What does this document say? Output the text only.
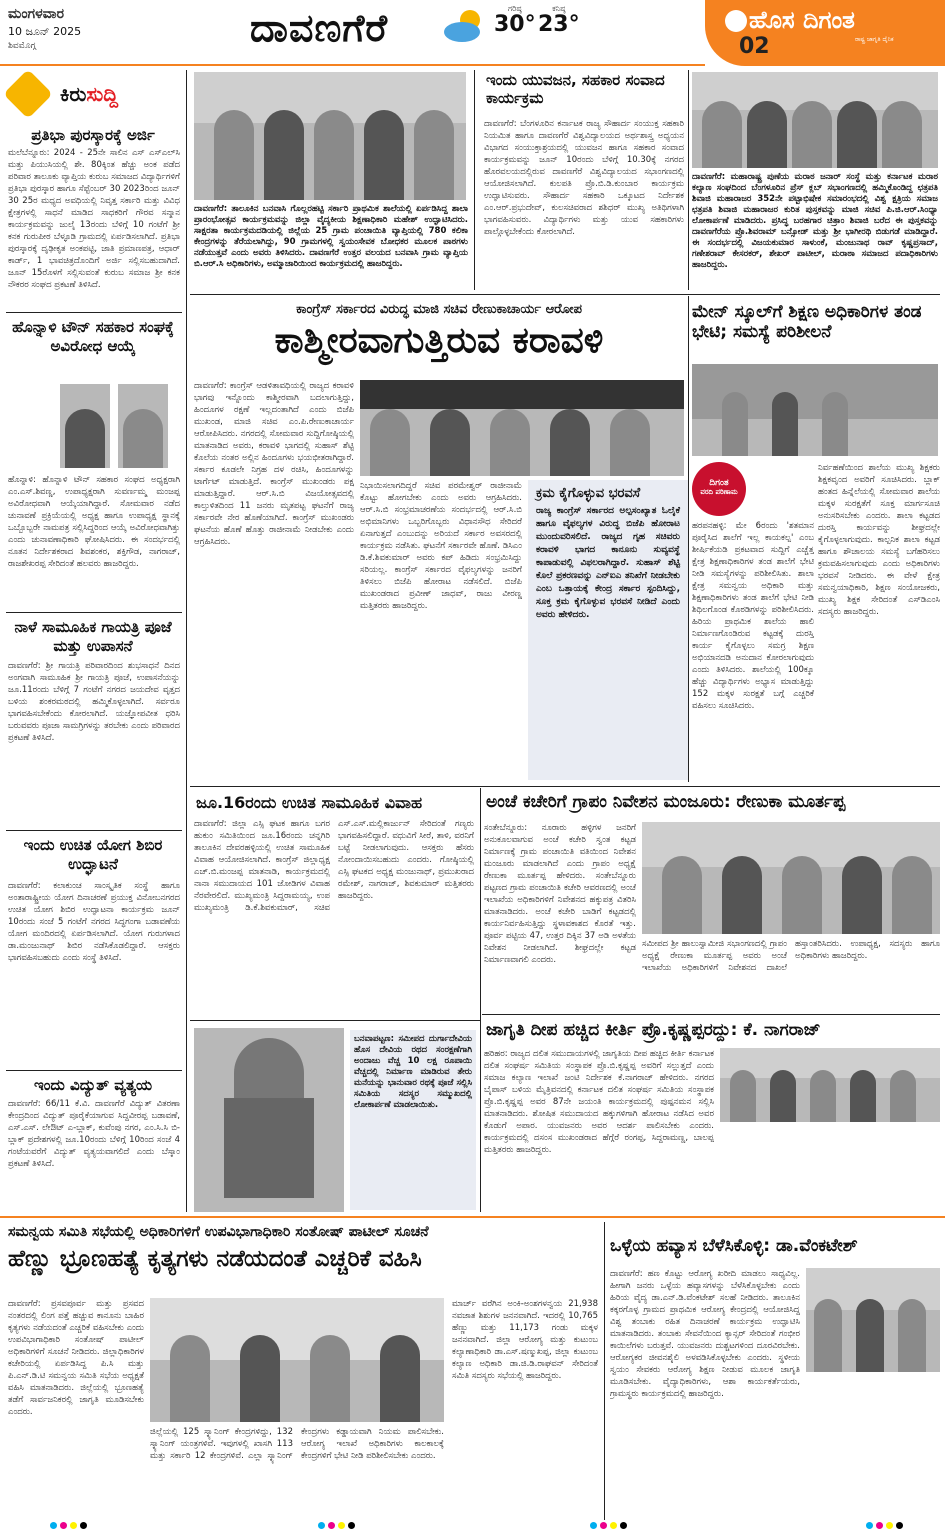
ಮಂಗಳವಾರ
10 ಜೂನ್ 2025
ಶಿವಮೊಗ್ಗ	ದಾವಣಗೆರೆ	ಗರಿಷ್ಠ
30°
ಕನಿಷ್ಠ
23°	ಹೊಸ ದಿಗಂತ
ರಾಷ್ಟ್ರ ಜಾಗೃತಿ ದೈನಿಕ
02
ಕಿರುಸುದ್ದಿ
ಪ್ರತಿಭಾ ಪುರಸ್ಕಾರಕ್ಕೆ ಅರ್ಜಿ
ಮಲೆಬೆನ್ನೂರು: 2024 - 25ನೇ ಸಾಲಿನ ಎಸ್ ಎಸ್ಎಲ್‌ಸಿ ಮತ್ತು ಪಿಯುಸಿಯಲ್ಲಿ ಶೇ. 80ಕ್ಕಿಂತ ಹೆಚ್ಚು ಅಂಕ ಪಡೆದ ಪರಿವಾರ ತಾಲೂಕು ವ್ಯಾಪ್ತಿಯ ಕುರುಬ ಸಮಾಜದ ವಿದ್ಯಾರ್ಥಿಗಳಿಗೆ ಪ್ರತಿಭಾ ಪುರಸ್ಕಾರ ಹಾಗೂ ಸೆಪ್ಟೆಂಬರ್ 30 2023ರಿಂದ ಜೂನ್ 30 25ರ ಮಧ್ಯದ ಅವಧಿಯಲ್ಲಿ ನಿವೃತ್ತ ಸರ್ಕಾರಿ ಮತ್ತು ವಿವಿಧ ಕ್ಷೇತ್ರಗಳಲ್ಲಿ ಸಾಧನೆ ಮಾಡಿದ ಸಾಧಕರಿಗೆ ಗೌರವ ಸನ್ಮಾನ ಕಾರ್ಯಕ್ರಮವನ್ನು ಜುಲೈ 13ರಂದು ಬೆಳಿಗ್ಗೆ 10 ಗಂಟೆಗೆ ಶ್ರೀ ಕನಕ ಗುರುಪೀಠ ಬೆಳ್ಳೂಡಿ ಗ್ರಾಮದಲ್ಲಿ ಏರ್ಪಡಿಸಲಾಗಿದೆ. ಪ್ರತಿಭಾ ಪುರಸ್ಕಾರಕ್ಕೆ ದೃಢೀಕೃತ ಅಂಕಪಟ್ಟಿ, ಜಾತಿ ಪ್ರಮಾಣಪತ್ರ, ಆಧಾರ್ ಕಾರ್ಡ್, 1 ಭಾವಚಿತ್ರದೊಂದಿಗೆ ಅರ್ಜಿ ಸಲ್ಲಿಸಬಹುದಾಗಿದೆ. ಜೂನ್ 15ರೊಳಗೆ ಸಲ್ಲಿಸುವಂತೆ ಕುರುಬ ಸಮಾಜ ಶ್ರೀ ಕನಕ ನೌಕರರ ಸಂಘದ ಪ್ರಕಟಣೆ ತಿಳಿಸಿದೆ.
ಹೊನ್ನಾಳಿ ಟೌನ್ ಸಹಕಾರ ಸಂಘಕ್ಕೆ ಅವಿರೋಧ ಆಯ್ಕೆ
ಹೊನ್ನಾಳಿ: ಹೊನ್ನಾಳಿ ಟೌನ್ ಸಹಕಾರ ಸಂಘದ ಅಧ್ಯಕ್ಷರಾಗಿ ಎಂ.ಎಸ್.ಶಿವಣ್ಣ, ಉಪಾಧ್ಯಕ್ಷರಾಗಿ ಸುವರ್ಣಮ್ಮ ಮಂಜಪ್ಪ ಅವಿರೋಧವಾಗಿ ಆಯ್ಕೆಯಾಗಿದ್ದಾರೆ. ಸೋಮವಾರ ನಡೆದ ಚುನಾವಣೆ ಪ್ರಕ್ರಿಯೆಯಲ್ಲಿ ಅಧ್ಯಕ್ಷ ಹಾಗೂ ಉಪಾಧ್ಯಕ್ಷ ಸ್ಥಾನಕ್ಕೆ ಒಬ್ಬೊಬ್ಬರೇ ನಾಮಪತ್ರ ಸಲ್ಲಿಸಿದ್ದರಿಂದ ಆಯ್ಕೆ ಅವಿರೋಧವಾಗಿತ್ತು ಎಂದು ಚುನಾವಣಾಧಿಕಾರಿ ಘೋಷಿಸಿದರು. ಈ ಸಂದರ್ಭದಲ್ಲಿ ನೂತನ ನಿರ್ದೇಶಕರಾದ ಶಿವಶಂಕರ, ಶಕ್ತಿಗೌಡ, ನಾಗರಾಜ್, ರಾಜಶೇಖರಪ್ಪ ಸೇರಿದಂತೆ ಹಲವರು ಹಾಜರಿದ್ದರು.
ನಾಳೆ ಸಾಮೂಹಿಕ ಗಾಯತ್ರಿ ಪೂಜೆ ಮತ್ತು ಉಪಾಸನೆ
ದಾವಣಗೆರೆ: ಶ್ರೀ ಗಾಯತ್ರಿ ಪರಿವಾರದಿಂದ ಶುಭಸಾಧನೆ ದಿನದ ಅಂಗವಾಗಿ ಸಾಮೂಹಿಕ ಶ್ರೀ ಗಾಯತ್ರಿ ಪೂಜೆ, ಉಪಾಸನೆಯನ್ನು ಜೂ.11ರಂದು ಬೆಳಿಗ್ಗೆ 7 ಗಂಟೆಗೆ ನಗರದ ಜಯದೇವ ವೃತ್ತದ ಬಳಿಯ ಶಂಕರಮಠದಲ್ಲಿ ಹಮ್ಮಿಕೊಳ್ಳಲಾಗಿದೆ. ಸರ್ವರೂ ಭಾಗವಹಿಸಬೇಕೆಂದು ಕೋರಲಾಗಿದೆ. ಯಜ್ಞೋಪವೀತ ಧರಿಸಿ ಬರುವವರು ಪೂಜಾ ಸಾಮಗ್ರಿಗಳನ್ನು ತರಬೇಕು ಎಂದು ಪರಿವಾರದ ಪ್ರಕಟಣೆ ತಿಳಿಸಿದೆ.
ಇಂದು ಉಚಿತ ಯೋಗ ಶಿಬಿರ ಉದ್ಘಾಟನೆ
ದಾವಣಗೆರೆ: ಕಲಾಕುಂಚ ಸಾಂಸ್ಕೃತಿಕ ಸಂಸ್ಥೆ ಹಾಗೂ ಅಂತಾರಾಷ್ಟ್ರೀಯ ಯೋಗ ದಿನಾಚರಣೆ ಪ್ರಯುಕ್ತ ವಿನೋಬನಗರದ ಉಚಿತ ಯೋಗ ಶಿಬಿರ ಉದ್ಘಾಟನಾ ಕಾರ್ಯಕ್ರಮ ಜೂನ್ 10ರಂದು ಸಂಜೆ 5 ಗಂಟೆಗೆ ನಗರದ ಸಿದ್ಧಗಂಗಾ ಬಡಾವಣೆಯ ಯೋಗ ಮಂದಿರದಲ್ಲಿ ಏರ್ಪಡಿಸಲಾಗಿದೆ. ಯೋಗ ಗುರುಗಳಾದ ಡಾ.ಮಂಜುನಾಥ್ ಶಿಬಿರ ನಡೆಸಿಕೊಡಲಿದ್ದಾರೆ. ಆಸಕ್ತರು ಭಾಗವಹಿಸಬಹುದು ಎಂದು ಸಂಸ್ಥೆ ತಿಳಿಸಿದೆ.
ಇಂದು ವಿದ್ಯುತ್ ವ್ಯತ್ಯಯ
ದಾವಣಗೆರೆ: 66/11 ಕೆ.ವಿ. ದಾವಣಗೆರೆ ವಿದ್ಯುತ್ ವಿತರಣಾ ಕೇಂದ್ರದಿಂದ ವಿದ್ಯುತ್ ಪೂರೈಕೆಯಾಗುವ ಸಿದ್ದವೀರಪ್ಪ ಬಡಾವಣೆ, ಎಸ್.ಎಸ್. ಲೇಔಟ್ ಎ-ಬ್ಲಾಕ್, ಕುವೆಂಪು ನಗರ, ಎಂ.ಸಿ.ಸಿ ಬಿ-ಬ್ಲಾಕ್ ಪ್ರದೇಶಗಳಲ್ಲಿ ಜೂ.10ರಂದು ಬೆಳಿಗ್ಗೆ 10ರಿಂದ ಸಂಜೆ 4 ಗಂಟೆಯವರೆಗೆ ವಿದ್ಯುತ್ ವ್ಯತ್ಯಯವಾಗಲಿದೆ ಎಂದು ಬೆಸ್ಕಾಂ ಪ್ರಕಟಣೆ ತಿಳಿಸಿದೆ.
ದಾವಣಗೆರೆ: ತಾಲೂಕಿನ ಬನವಾಸಿ ಗೊಲ್ಲರಹಟ್ಟಿ ಸರ್ಕಾರಿ ಪ್ರಾಥಮಿಕ ಶಾಲೆಯಲ್ಲಿ ಏರ್ಪಡಿಸಿದ್ದ ಶಾಲಾ ಪ್ರಾರಂಭೋತ್ಸವ ಕಾರ್ಯಕ್ರಮವನ್ನು ಜಿಲ್ಲಾ ವೈದ್ಯಕೀಯ ಶಿಕ್ಷಣಾಧಿಕಾರಿ ಮಹೇಶ್ ಉದ್ಘಾಟಿಸಿದರು. ಸಾಕ್ಷರತಾ ಕಾರ್ಯಕ್ರಮದಡಿಯಲ್ಲಿ ಜಿಲ್ಲೆಯ 25 ಗ್ರಾಮ ಪಂಚಾಯಿತಿ ವ್ಯಾಪ್ತಿಯಲ್ಲಿ 780 ಕಲಿಕಾ ಕೇಂದ್ರಗಳನ್ನು ತೆರೆಯಲಾಗಿದ್ದು, 90 ಗ್ರಾಮಗಳಲ್ಲಿ ಸ್ವಯಂಸೇವಕ ಬೋಧಕರ ಮೂಲಕ ಪಾಠಗಳು ನಡೆಯುತ್ತವೆ ಎಂದು ಅವರು ತಿಳಿಸಿದರು. ದಾವಣಗೆರೆ ಉತ್ತರ ವಲಯದ ಬನವಾಸಿ ಗ್ರಾಮ ವ್ಯಾಪ್ತಿಯ ಬಿ.ಆರ್.ಸಿ ಅಧಿಕಾರಿಗಳು, ಅಮ್ಮಾಜಾರಿಯಿಂದ ಕಾರ್ಯಕ್ರಮದಲ್ಲಿ ಹಾಜರಿದ್ದರು.
ಇಂದು ಯುವಜನ, ಸಹಕಾರ ಸಂವಾದ ಕಾರ್ಯಕ್ರಮ
ದಾವಣಗೆರೆ: ಬೆಂಗಳೂರಿನ ಕರ್ನಾಟಕ ರಾಜ್ಯ ಸೌಹಾರ್ದ ಸಂಯುಕ್ತ ಸಹಕಾರಿ ನಿಯಮಿತ ಹಾಗೂ ದಾವಣಗೆರೆ ವಿಶ್ವವಿದ್ಯಾಲಯದ ಅರ್ಥಶಾಸ್ತ್ರ ಅಧ್ಯಯನ ವಿಭಾಗದ ಸಂಯುಕ್ತಾಶ್ರಯದಲ್ಲಿ ಯುವಜನ ಹಾಗೂ ಸಹಕಾರ ಸಂವಾದ ಕಾರ್ಯಕ್ರಮವನ್ನು ಜೂನ್ 10ರಂದು ಬೆಳಿಗ್ಗೆ 10.30ಕ್ಕೆ ನಗರದ ಹೊರವಲಯದಲ್ಲಿರುವ ದಾವಣಗೆರೆ ವಿಶ್ವವಿದ್ಯಾಲಯದ ಸಭಾಂಗಣದಲ್ಲಿ ಆಯೋಜಿಸಲಾಗಿದೆ. ಕುಲಪತಿ ಪ್ರೊ.ಬಿ.ಡಿ.ಕುಂಬಾರ ಕಾರ್ಯಕ್ರಮ ಉದ್ಘಾಟಿಸುವರು. ಸೌಹಾರ್ದ ಸಹಕಾರಿ ಒಕ್ಕೂಟದ ನಿರ್ದೇಶಕ ಎಂ.ಆರ್.ಪ್ರಭುದೇವ್, ಕುಲಸಚಿವರಾದ ಶಶಿಧರ್ ಮುಖ್ಯ ಅತಿಥಿಗಳಾಗಿ ಭಾಗವಹಿಸುವರು. ವಿದ್ಯಾರ್ಥಿಗಳು ಮತ್ತು ಯುವ ಸಹಕಾರಿಗಳು ಪಾಲ್ಗೊಳ್ಳಬೇಕೆಂದು ಕೋರಲಾಗಿದೆ.
ದಾವಣಗೆರೆ: ಮಹಾರಾಷ್ಟ್ರ ಪುಣೆಯ ಮರಾಠ ಜನಾರ್ ಸಂಸ್ಥೆ ಮತ್ತು ಕರ್ನಾಟಕ ಮರಾಠ ಕಲ್ಯಾಣ ಸಂಘದಿಂದ ಬೆಂಗಳೂರಿನ ಪ್ರೆಸ್ ಕ್ಲಬ್ ಸಭಾಂಗಣದಲ್ಲಿ ಹಮ್ಮಿಕೊಂಡಿದ್ದ ಛತ್ರಪತಿ ಶಿವಾಜಿ ಮಹಾರಾಜರ 352ನೇ ಪಟ್ಟಾಭಿಷೇಕ ಸಮಾರಂಭದಲ್ಲಿ ವಿಶ್ವ ಕ್ಷತ್ರಿಯ ಸಮಾಜ ಛತ್ರಪತಿ ಶಿವಾಜಿ ಮಹಾರಾಜರ ಕುರಿತ ಪುಸ್ತಕವನ್ನು ಮಾಜಿ ಸಚಿವ ಪಿ.ಜಿ.ಆರ್.ಸಿಂಧ್ಯಾ ಲೋಕಾರ್ಪಣೆ ಮಾಡಿದರು. ಪ್ರಸಿದ್ಧ ಬರಹಗಾರ ಚಿತ್ರಾಂ ಶಿವಾಜಿ ಬರೆದ ಈ ಪುಸ್ತಕವನ್ನು ದಾವಣಗೆರೆಯ ಪ್ರೊ.ಶಿವರಾಮ್ ಬನ್ಸೋಡ್ ಮತ್ತು ಶ್ರೀ ಭಾಗೀರಥಿ ಬಿಡುಗಡೆ ಮಾಡಿದ್ದಾರೆ. ಈ ಸಂದರ್ಭದಲ್ಲಿ ವಿಜಯಕುಮಾರ ಸಾಳುಂಕೆ, ಮಂಜುನಾಥ ರಾವ್ ಕೃಷ್ಣಪ್ರಸಾದ್, ಗಣೇಶರಾವ್ ಕೇಸರಕರ್, ಶೇಖರ್ ಪಾಟೀಲ್, ಮರಾಠಾ ಸಮಾಜದ ಪದಾಧಿಕಾರಿಗಳು ಹಾಜರಿದ್ದರು.
ಕಾಂಗ್ರೆಸ್ ಸರ್ಕಾರದ ವಿರುದ್ಧ ಮಾಜಿ ಸಚಿವ ರೇಣುಕಾಚಾರ್ಯ ಆರೋಪ
ಕಾಶ್ಮೀರವಾಗುತ್ತಿರುವ ಕರಾವಳಿ
ದಾವಣಗೆರೆ: ಕಾಂಗ್ರೆಸ್ ಆಡಳಿತಾವಧಿಯಲ್ಲಿ ರಾಜ್ಯದ ಕರಾವಳಿ ಭಾಗವು ಇನ್ನೊಂದು ಕಾಶ್ಮೀರವಾಗಿ ಬದಲಾಗುತ್ತಿದ್ದು, ಹಿಂದೂಗಳ ರಕ್ಷಣೆ ಇಲ್ಲದಂತಾಗಿದೆ ಎಂದು ಬಿಜೆಪಿ ಮುಖಂಡ, ಮಾಜಿ ಸಚಿವ ಎಂ.ಪಿ.ರೇಣುಕಾಚಾರ್ಯ ಆರೋಪಿಸಿದರು. ನಗರದಲ್ಲಿ ಸೋಮವಾರ ಸುದ್ದಿಗೋಷ್ಠಿಯಲ್ಲಿ ಮಾತನಾಡಿದ ಅವರು, ಕರಾವಳಿ ಭಾಗದಲ್ಲಿ ಸುಹಾಸ್ ಶೆಟ್ಟಿ ಕೊಲೆಯ ನಂತರ ಅಲ್ಲಿನ ಹಿಂದೂಗಳು ಭಯಭೀತರಾಗಿದ್ದಾರೆ. ಸರ್ಕಾರ ಕೂಡಲೇ ನಿಗ್ರಹ ದಳ ರಚಿಸಿ, ಹಿಂದೂಗಳನ್ನು ಟಾರ್ಗೆಟ್ ಮಾಡುತ್ತಿದೆ. ಕಾಂಗ್ರೆಸ್ ಮುಖಂಡರು ಪಕ್ಷ ಮಾಡುತ್ತಿದ್ದಾರೆ. ಆರ್.ಸಿ.ಬಿ ವಿಜಯೋತ್ಸವದಲ್ಲಿ ಕಾಲ್ತುಳಿತದಿಂದ 11 ಜನರು ಮೃತಪಟ್ಟ ಘಟನೆಗೆ ರಾಜ್ಯ ಸರ್ಕಾರವೇ ನೇರ ಹೊಣೆಯಾಗಿದೆ. ಕಾಂಗ್ರೆಸ್ ಮುಖಂಡರು ಘಟನೆಯ ಹೊಣೆ ಹೊತ್ತು ರಾಜೀನಾಮೆ ನೀಡಬೇಕು ಎಂದು ಆಗ್ರಹಿಸಿದರು.
ನಿಭಾಯಿಸಲಾಗದಿದ್ದರೆ ಸಚಿವ ಪರಮೇಶ್ವರ್ ರಾಜೀನಾಮೆ ಕೊಟ್ಟು ಹೋಗಬೇಕು ಎಂದು ಅವರು ಆಗ್ರಹಿಸಿದರು. ಆರ್.ಸಿ.ಬಿ ಸಂಭ್ರಮಾಚರಣೆಯ ಸಂದರ್ಭದಲ್ಲಿ ಆರ್.ಸಿ.ಬಿ ಅಭಿಮಾನಿಗಳು ಒಬ್ಬರಿಗೊಬ್ಬರು ವಿಧಾನಸೌಧ ಸೇರಿದರೆ ಏನಾಗುತ್ತದೆ ಎಂಬುದನ್ನು ಅರಿಯದೆ ಸರ್ಕಾರ ಅವಸರದಲ್ಲಿ ಕಾರ್ಯಕ್ರಮ ನಡೆಸಿತು. ಘಟನೆಗೆ ಸರ್ಕಾರವೇ ಹೊಣೆ. ಡಿಸಿಎಂ ಡಿ.ಕೆ.ಶಿವಕುಮಾರ್ ಅವರು ಕಪ್ ಹಿಡಿದು ಸಂಭ್ರಮಿಸಿದ್ದು ಸರಿಯಲ್ಲ. ಕಾಂಗ್ರೆಸ್ ಸರ್ಕಾರದ ವೈಫಲ್ಯಗಳನ್ನು ಜನರಿಗೆ ತಿಳಿಸಲು ಬಿಜೆಪಿ ಹೋರಾಟ ನಡೆಸಲಿದೆ. ಬಿಜೆಪಿ ಮುಖಂಡರಾದ ಪ್ರವೀಣ್ ಜಾಧವ್, ರಾಜು ವೀರಣ್ಣ ಮತ್ತಿತರರು ಹಾಜರಿದ್ದರು.
ಕ್ರಮ ಕೈಗೊಳ್ಳುವ ಭರವಸೆ
ರಾಜ್ಯ ಕಾಂಗ್ರೆಸ್ ಸರ್ಕಾರದ ಅಲ್ಪಸಂಖ್ಯಾತ ಓಲೈಕೆ ಹಾಗೂ ವೈಫಲ್ಯಗಳ ವಿರುದ್ಧ ಬಿಜೆಪಿ ಹೋರಾಟ ಮುಂದುವರಿಸಲಿದೆ. ರಾಜ್ಯದ ಗೃಹ ಸಚಿವರು ಕರಾವಳಿ ಭಾಗದ ಕಾನೂನು ಸುವ್ಯವಸ್ಥೆ ಕಾಪಾಡುವಲ್ಲಿ ವಿಫಲರಾಗಿದ್ದಾರೆ. ಸುಹಾಸ್ ಶೆಟ್ಟಿ ಕೊಲೆ ಪ್ರಕರಣವನ್ನು ಎನ್ಐಎ ತನಿಖೆಗೆ ನೀಡಬೇಕು ಎಂಬ ಒತ್ತಾಯಕ್ಕೆ ಕೇಂದ್ರ ಸರ್ಕಾರ ಸ್ಪಂದಿಸಿದ್ದು, ಸೂಕ್ತ ಕ್ರಮ ಕೈಗೊಳ್ಳುವ ಭರವಸೆ ನೀಡಿದೆ ಎಂದು ಅವರು ಹೇಳಿದರು.
ಮೇನ್ ಸ್ಕೂಲ್‌ಗೆ ಶಿಕ್ಷಣ ಅಧಿಕಾರಿಗಳ ತಂಡ ಭೇಟಿ; ಸಮಸ್ಯೆ ಪರಿಶೀಲನೆ
ದಿಗಂತ
ವರದಿ ಪರಿಣಾಮ
ಹರಪನಹಳ್ಳಿ: ಮೇ 6ರಂದು 'ಶತಮಾನ ಪೂರೈಸಿದ ಶಾಲೆಗೆ ಇಲ್ಲ ಕಾಯಕಲ್ಪ' ಎಂಬ ಶೀರ್ಷಿಕೆಯಡಿ ಪ್ರಕಟವಾದ ಸುದ್ದಿಗೆ ಎಚ್ಚೆತ್ತ ಕ್ಷೇತ್ರ ಶಿಕ್ಷಣಾಧಿಕಾರಿಗಳ ತಂಡ ಶಾಲೆಗೆ ಭೇಟಿ ನೀಡಿ ಸಮಸ್ಯೆಗಳನ್ನು ಪರಿಶೀಲಿಸಿತು. ಶಾಲಾ ಕ್ಷೇತ್ರ ಸಮನ್ವಯ ಅಧಿಕಾರಿ ಮತ್ತು ಶಿಕ್ಷಣಾಧಿಕಾರಿಗಳು ತಂಡ ಶಾಲೆಗೆ ಭೇಟಿ ನೀಡಿ ಶಿಥಿಲಗೊಂಡ ಕೊಠಡಿಗಳನ್ನು ಪರಿಶೀಲಿಸಿದರು. ಹಿರಿಯ ಪ್ರಾಥಮಿಕ ಶಾಲೆಯ ಹಾಲಿ ನಿರ್ಮಾಣಗೊಂಡಿರುವ ಕಟ್ಟಡಕ್ಕೆ ದುರಸ್ತಿ ಕಾರ್ಯ ಕೈಗೊಳ್ಳಲು ಸಮಗ್ರ ಶಿಕ್ಷಣ ಅಭಿಯಾನದಡಿ ಅನುದಾನ ಕೋರಲಾಗುವುದು ಎಂದು ತಿಳಿಸಿದರು. ಶಾಲೆಯಲ್ಲಿ 100ಕ್ಕೂ ಹೆಚ್ಚು ವಿದ್ಯಾರ್ಥಿಗಳು ಅಭ್ಯಾಸ ಮಾಡುತ್ತಿದ್ದು 152 ಮಕ್ಕಳ ಸುರಕ್ಷತೆ ಬಗ್ಗೆ ಎಚ್ಚರಿಕೆ ವಹಿಸಲು ಸೂಚಿಸಿದರು.
ನಿರ್ವಹಣೆಯಿಂದ ಶಾಲೆಯ ಮುಖ್ಯ ಶಿಕ್ಷಕರು ಶಿಕ್ಷಕವೃಂದ ಅವರಿಗೆ ಸೂಚಿಸಿದರು. ಬ್ಲಾಕ್ ಹಂತದ ಹಿನ್ನೆಲೆಯಲ್ಲಿ ಸೋಮವಾರ ಶಾಲೆಯ ಮಕ್ಕಳ ಸುರಕ್ಷತೆಗೆ ಸೂಕ್ತ ಮಾರ್ಗಸೂಚಿ ಅನುಸರಿಸಬೇಕು ಎಂದರು. ಶಾಲಾ ಕಟ್ಟಡದ ದುರಸ್ತಿ ಕಾರ್ಯವನ್ನು ಶೀಘ್ರದಲ್ಲೇ ಕೈಗೊಳ್ಳಲಾಗುವುದು. ಕಾಲ್ಪನಿಕ ಶಾಲಾ ಕಟ್ಟಡ ಹಾಗೂ ಶೌಚಾಲಯ ಸಮಸ್ಯೆ ಬಗೆಹರಿಸಲು ಕ್ರಮವಹಿಸಲಾಗುವುದು ಎಂದು ಅಧಿಕಾರಿಗಳು ಭರವಸೆ ನೀಡಿದರು. ಈ ವೇಳೆ ಕ್ಷೇತ್ರ ಸಮನ್ವಯಾಧಿಕಾರಿ, ಶಿಕ್ಷಣ ಸಂಯೋಜಕರು, ಮುಖ್ಯ ಶಿಕ್ಷಕ ಸೇರಿದಂತೆ ಎಸ್‌ಡಿಎಂಸಿ ಸದಸ್ಯರು ಹಾಜರಿದ್ದರು.
ಜೂ.16ರಂದು ಉಚಿತ ಸಾಮೂಹಿಕ ವಿವಾಹ
ದಾವಣಗೆರೆ: ಜಿಲ್ಲಾ ಎಸ್ಸಿ ಘಟಕ ಹಾಗೂ ಬಗರ ಹುಕುಂ ಸಮಿತಿಯಿಂದ ಜೂ.16ರಂದು ಚನ್ನಗಿರಿ ತಾಲೂಕಿನ ದೇವರಹಳ್ಳಿಯಲ್ಲಿ ಉಚಿತ ಸಾಮೂಹಿಕ ವಿವಾಹ ಆಯೋಜಿಸಲಾಗಿದೆ. ಕಾಂಗ್ರೆಸ್ ಜಿಲ್ಲಾಧ್ಯಕ್ಷ ಎಚ್.ಬಿ.ಮಂಜಪ್ಪ ಮಾತನಾಡಿ, ಕಾರ್ಯಕ್ರಮದಲ್ಲಿ ನಾನಾ ಸಮುದಾಯದ 101 ಜೋಡಿಗಳ ವಿವಾಹ ನೆರವೇರಲಿದೆ. ಮುಖ್ಯಮಂತ್ರಿ ಸಿದ್ದರಾಮಯ್ಯ, ಉಪ ಮುಖ್ಯಮಂತ್ರಿ ಡಿ.ಕೆ.ಶಿವಕುಮಾರ್, ಸಚಿವ ಎಸ್.ಎಸ್.ಮಲ್ಲಿಕಾರ್ಜುನ್ ಸೇರಿದಂತೆ ಗಣ್ಯರು ಭಾಗವಹಿಸಲಿದ್ದಾರೆ. ವಧುವಿಗೆ ಸೀರೆ, ತಾಳಿ, ವರನಿಗೆ ಬಟ್ಟೆ ನೀಡಲಾಗುವುದು. ಆಸಕ್ತರು ಹೆಸರು ನೋಂದಾಯಿಸಬಹುದು ಎಂದರು. ಗೋಷ್ಠಿಯಲ್ಲಿ ಎಸ್ಸಿ ಘಟಕದ ಅಧ್ಯಕ್ಷ ಮಂಜುನಾಥ್, ಪ್ರಮುಖರಾದ ರಮೇಶ್, ನಾಗರಾಜ್, ಶಿವಕುಮಾರ್ ಮತ್ತಿತರರು ಹಾಜರಿದ್ದರು.
ಬನವಾಪಟ್ಟಣ: ಸಮೀಪದ ದುರ್ಗಾದೇವಿಯ ಹೊಸ ದೇವಿಯ ರಥದ ಸಂರಕ್ಷಣೆಗಾಗಿ ಅಂದಾಜು ವೆಚ್ಚ 10 ಲಕ್ಷ ರೂಪಾಯಿ ವೆಚ್ಚದಲ್ಲಿ ನಿರ್ಮಾಣ ಮಾಡಿರುವ ತೇರು ಮನೆಯನ್ನು ಭಾನುವಾರ ರಥಕ್ಕೆ ಪೂಜೆ ಸಲ್ಲಿಸಿ ಸಮಿತಿಯ ಸದಸ್ಯರ ಸಮ್ಮುಖದಲ್ಲಿ ಲೋಕಾರ್ಪಣೆ ಮಾಡಲಾಯಿತು.
ಅಂಚೆ ಕಚೇರಿಗೆ ಗ್ರಾಪಂ ನಿವೇಶನ ಮಂಜೂರು: ರೇಣುಕಾ ಮೂರ್ತಪ್ಪ
ಸಂತೇಬೆನ್ನೂರು: ನೂರಾರು ಹಳ್ಳಿಗಳ ಜನರಿಗೆ ಅನುಕೂಲವಾಗುವ ಅಂಚೆ ಕಚೇರಿ ಸ್ವಂತ ಕಟ್ಟಡ ನಿರ್ಮಾಣಕ್ಕೆ ಗ್ರಾಮ ಪಂಚಾಯಿತಿ ವತಿಯಿಂದ ನಿವೇಶನ ಮಂಜೂರು ಮಾಡಲಾಗಿದೆ ಎಂದು ಗ್ರಾಪಂ ಅಧ್ಯಕ್ಷೆ ರೇಣುಕಾ ಮೂರ್ತಪ್ಪ ಹೇಳಿದರು. ಸಂತೇಬೆನ್ನೂರು ಪಟ್ಟಣದ ಗ್ರಾಮ ಪಂಚಾಯಿತಿ ಕಚೇರಿ ಆವರಣದಲ್ಲಿ ಅಂಚೆ ಇಲಾಖೆಯ ಅಧಿಕಾರಿಗಳಿಗೆ ನಿವೇಶನದ ಹಕ್ಕುಪತ್ರ ವಿತರಿಸಿ ಮಾತನಾಡಿದರು. ಅಂಚೆ ಕಚೇರಿ ಬಾಡಿಗೆ ಕಟ್ಟಡದಲ್ಲಿ ಕಾರ್ಯನಿರ್ವಹಿಸುತ್ತಿದ್ದು ಸ್ಥಳಾವಕಾಶದ ಕೊರತೆ ಇತ್ತು. ಪೂರ್ವ ಪಟ್ಟಿಯ 47, ಉತ್ತರ ದಿಕ್ಕಿನ 37 ಅಡಿ ಅಳತೆಯ ನಿವೇಶನ ನೀಡಲಾಗಿದೆ. ಶೀಘ್ರದಲ್ಲೇ ಕಟ್ಟಡ ನಿರ್ಮಾಣವಾಗಲಿ ಎಂದರು.
ಸಮೀಪದ ಶ್ರೀ ಹಾಲುಸ್ವಾಮೀಜಿ ಸಭಾಂಗಣದಲ್ಲಿ ಗ್ರಾಪಂ ಅಧ್ಯಕ್ಷೆ ರೇಣುಕಾ ಮೂರ್ತಪ್ಪ ಅವರು ಅಂಚೆ ಇಲಾಖೆಯ ಅಧಿಕಾರಿಗಳಿಗೆ ನಿವೇಶನದ ದಾಖಲೆ ಹಸ್ತಾಂತರಿಸಿದರು. ಉಪಾಧ್ಯಕ್ಷ, ಸದಸ್ಯರು ಹಾಗೂ ಅಧಿಕಾರಿಗಳು ಹಾಜರಿದ್ದರು.
ಜಾಗೃತಿ ದೀಪ ಹಚ್ಚಿದ ಕೀರ್ತಿ ಪ್ರೊ.ಕೃಷ್ಣಪ್ಪರದ್ದು: ಕೆ. ನಾಗರಾಜ್
ಹರಿಹರ: ರಾಜ್ಯದ ದಲಿತ ಸಮುದಾಯಗಳಲ್ಲಿ ಜಾಗೃತಿಯ ದೀಪ ಹಚ್ಚಿದ ಕೀರ್ತಿ ಕರ್ನಾಟಕ ದಲಿತ ಸಂಘರ್ಷ ಸಮಿತಿಯ ಸಂಸ್ಥಾಪಕ ಪ್ರೊ.ಬಿ.ಕೃಷ್ಣಪ್ಪ ಅವರಿಗೆ ಸಲ್ಲುತ್ತದೆ ಎಂದು ಸಮಾಜ ಕಲ್ಯಾಣ ಇಲಾಖೆ ಜಂಟಿ ನಿರ್ದೇಶಕ ಕೆ.ನಾಗರಾಜ್ ಹೇಳಿದರು. ನಗರದ ಬೈಪಾಸ್ ಬಳಿಯ ಮೈತ್ರಿವನದಲ್ಲಿ ಕರ್ನಾಟಕ ದಲಿತ ಸಂಘರ್ಷ ಸಮಿತಿಯ ಸಂಸ್ಥಾಪಕ ಪ್ರೊ.ಬಿ.ಕೃಷ್ಣಪ್ಪ ಅವರ 87ನೇ ಜಯಂತಿ ಕಾರ್ಯಕ್ರಮದಲ್ಲಿ ಪುಷ್ಪನಮನ ಸಲ್ಲಿಸಿ ಮಾತನಾಡಿದರು. ಶೋಷಿತ ಸಮುದಾಯದ ಹಕ್ಕುಗಳಿಗಾಗಿ ಹೋರಾಟ ನಡೆಸಿದ ಅವರ ಕೊಡುಗೆ ಅಪಾರ. ಯುವಜನರು ಅವರ ಆದರ್ಶ ಪಾಲಿಸಬೇಕು ಎಂದರು. ಕಾರ್ಯಕ್ರಮದಲ್ಲಿ ದಸಂಸ ಮುಖಂಡರಾದ ಹೆಗ್ಗೆರೆ ರಂಗಪ್ಪ, ಸಿದ್ದರಾಮಣ್ಣ, ಬಾಲಪ್ಪ ಮತ್ತಿತರರು ಹಾಜರಿದ್ದರು.
ಸಮನ್ವಯ ಸಮಿತಿ ಸಭೆಯಲ್ಲಿ ಅಧಿಕಾರಿಗಳಿಗೆ ಉಪವಿಭಾಗಾಧಿಕಾರಿ ಸಂತೋಷ್ ಪಾಟೀಲ್ ಸೂಚನೆ
ಹೆಣ್ಣು ಭ್ರೂಣಹತ್ಯೆ ಕೃತ್ಯಗಳು ನಡೆಯದಂತೆ ಎಚ್ಚರಿಕೆ ವಹಿಸಿ
ದಾವಣಗೆರೆ: ಪ್ರಸವಪೂರ್ವ ಮತ್ತು ಪ್ರಸವದ ನಂತರದಲ್ಲಿ ಲಿಂಗ ಪತ್ತೆ ಹಚ್ಚುವ ಕಾನೂನು ಬಾಹಿರ ಕೃತ್ಯಗಳು ನಡೆಯದಂತೆ ಎಚ್ಚರಿಕೆ ವಹಿಸಬೇಕು ಎಂದು ಉಪವಿಭಾಗಾಧಿಕಾರಿ ಸಂತೋಷ್ ಪಾಟೀಲ್ ಅಧಿಕಾರಿಗಳಿಗೆ ಸೂಚನೆ ನೀಡಿದರು. ಜಿಲ್ಲಾಧಿಕಾರಿಗಳ ಕಚೇರಿಯಲ್ಲಿ ಏರ್ಪಡಿಸಿದ್ದ ಪಿ.ಸಿ ಮತ್ತು ಪಿ.ಎನ್.ಡಿ.ಟಿ ಸಮನ್ವಯ ಸಮಿತಿ ಸಭೆಯ ಅಧ್ಯಕ್ಷತೆ ವಹಿಸಿ ಮಾತನಾಡಿದರು. ಜಿಲ್ಲೆಯಲ್ಲಿ ಭ್ರೂಣಹತ್ಯೆ ತಡೆಗೆ ಸಾರ್ವಜನಿಕರಲ್ಲಿ ಜಾಗೃತಿ ಮೂಡಿಸಬೇಕು ಎಂದರು.
ಜಿಲ್ಲೆಯಲ್ಲಿ 125 ಸ್ಕ್ಯಾನಿಂಗ್ ಕೇಂದ್ರಗಳಿದ್ದು, 132 ಸ್ಕ್ಯಾನಿಂಗ್ ಯಂತ್ರಗಳಿವೆ. ಇವುಗಳಲ್ಲಿ ಖಾಸಗಿ 113 ಮತ್ತು ಸರ್ಕಾರಿ 12 ಕೇಂದ್ರಗಳಿವೆ. ಎಲ್ಲಾ ಸ್ಕ್ಯಾನಿಂಗ್ ಕೇಂದ್ರಗಳು ಕಡ್ಡಾಯವಾಗಿ ನಿಯಮ ಪಾಲಿಸಬೇಕು. ಆರೋಗ್ಯ ಇಲಾಖೆ ಅಧಿಕಾರಿಗಳು ಕಾಲಕಾಲಕ್ಕೆ ಕೇಂದ್ರಗಳಿಗೆ ಭೇಟಿ ನೀಡಿ ಪರಿಶೀಲಿಸಬೇಕು ಎಂದರು.
ಮಾರ್ಚ್ ವರೆಗಿನ ಅಂಕಿ-ಅಂಶಗಳನ್ವಯ 21,938 ನವಜಾತ ಶಿಶುಗಳ ಜನನವಾಗಿದೆ. ಇದರಲ್ಲಿ 10,765 ಹೆಣ್ಣು ಮತ್ತು 11,173 ಗಂಡು ಮಕ್ಕಳ ಜನನವಾಗಿದೆ. ಜಿಲ್ಲಾ ಆರೋಗ್ಯ ಮತ್ತು ಕುಟುಂಬ ಕಲ್ಯಾಣಾಧಿಕಾರಿ ಡಾ.ಎಸ್.ಷಣ್ಮುಖಪ್ಪ, ಜಿಲ್ಲಾ ಕುಟುಂಬ ಕಲ್ಯಾಣ ಅಧಿಕಾರಿ ಡಾ.ಜಿ.ಡಿ.ರಾಘವನ್ ಸೇರಿದಂತೆ ಸಮಿತಿ ಸದಸ್ಯರು ಸಭೆಯಲ್ಲಿ ಹಾಜರಿದ್ದರು.
ಒಳ್ಳೆಯ ಹವ್ಯಾಸ ಬೆಳೆಸಿಕೊಳ್ಳಿ: ಡಾ.ವೆಂಕಟೇಶ್
ದಾವಣಗೆರೆ: ಹಣ ಕೊಟ್ಟು ಆರೋಗ್ಯ ಖರೀದಿ ಮಾಡಲು ಸಾಧ್ಯವಿಲ್ಲ. ಹೀಗಾಗಿ ಜನರು ಒಳ್ಳೆಯ ಹವ್ಯಾಸಗಳನ್ನು ಬೆಳೆಸಿಕೊಳ್ಳಬೇಕು ಎಂದು ಹಿರಿಯ ವೈದ್ಯ ಡಾ.ಎನ್.ಡಿ.ವೆಂಕಟೇಶ್ ಸಲಹೆ ನೀಡಿದರು. ತಾಲೂಕಿನ ಕಕ್ಕರಗೊಳ್ಳ ಗ್ರಾಮದ ಪ್ರಾಥಮಿಕ ಆರೋಗ್ಯ ಕೇಂದ್ರದಲ್ಲಿ ಆಯೋಜಿಸಿದ್ದ ವಿಶ್ವ ತಂಬಾಕು ರಹಿತ ದಿನಾಚರಣೆ ಕಾರ್ಯಕ್ರಮ ಉದ್ಘಾಟಿಸಿ ಮಾತನಾಡಿದರು. ತಂಬಾಕು ಸೇವನೆಯಿಂದ ಕ್ಯಾನ್ಸರ್ ಸೇರಿದಂತೆ ಗಂಭೀರ ಕಾಯಿಲೆಗಳು ಬರುತ್ತವೆ. ಯುವಜನರು ದುಶ್ಚಟಗಳಿಂದ ದೂರವಿರಬೇಕು. ಆರೋಗ್ಯಕರ ಜೀವನಶೈಲಿ ಅಳವಡಿಸಿಕೊಳ್ಳಬೇಕು ಎಂದರು. ಸ್ಥಳೀಯ ಸ್ವಯಂ ಸೇವಕರು ಆರೋಗ್ಯ ಶಿಕ್ಷಣ ನೀಡುವ ಮೂಲಕ ಜಾಗೃತಿ ಮೂಡಿಸಬೇಕು. ವೈದ್ಯಾಧಿಕಾರಿಗಳು, ಆಶಾ ಕಾರ್ಯಕರ್ತೆಯರು, ಗ್ರಾಮಸ್ಥರು ಕಾರ್ಯಕ್ರಮದಲ್ಲಿ ಹಾಜರಿದ್ದರು.
